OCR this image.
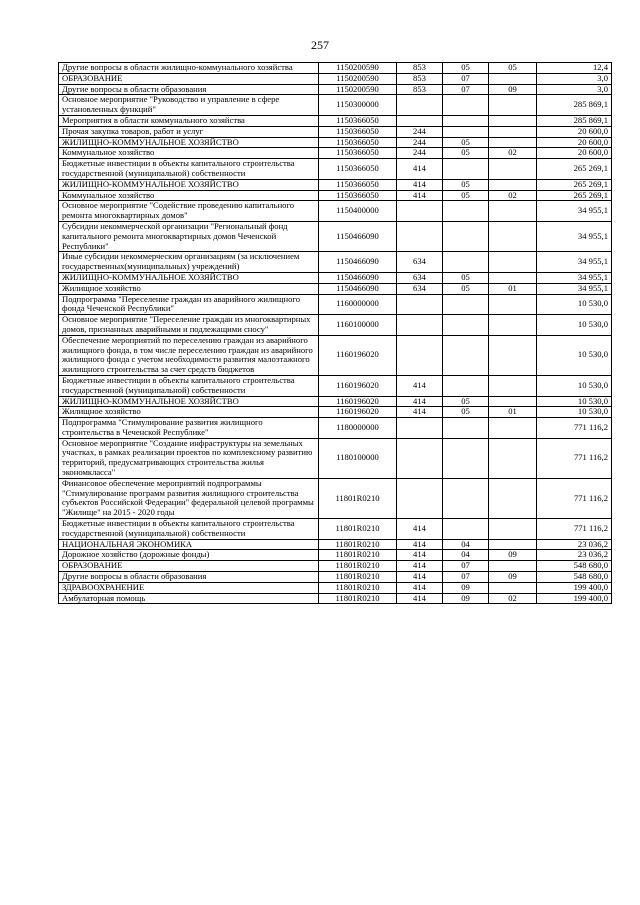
257
Другие вопросы в области жилищно-коммунального хозяйства	1150200590	853	05	05	12,4
ОБРАЗОВАНИЕ	1150200590	853	07		3,0
Другие вопросы в области образования	1150200590	853	07	09	3,0
Основное мероприятие "Руководство и управление в сфере установленных функций"	1150300000				285 869,1
Мероприятия в области коммунального хозяйства	1150366050				285 869,1
Прочая закупка товаров, работ и услуг	1150366050	244			20 600,0
ЖИЛИЩНО-КОММУНАЛЬНОЕ ХОЗЯЙСТВО	1150366050	244	05		20 600,0
Коммунальное хозяйство	1150366050	244	05	02	20 600,0
Бюджетные инвестиции в объекты капитального строительства государственной (муниципальной) собственности	1150366050	414			265 269,1
ЖИЛИЩНО-КОММУНАЛЬНОЕ ХОЗЯЙСТВО	1150366050	414	05		265 269,1
Коммунальное хозяйство	1150366050	414	05	02	265 269,1
Основное мероприятие "Содействие проведению капитального ремонта многоквартирных домов"	1150400000				34 955,1
Субсидии некоммерческой организации "Региональный фонд капитального ремонта многоквартирных домов Чеченской Республики"	1150466090				34 955,1
Иные субсидии некоммерческим организациям (за исключением государственных(муниципальных) учреждений)	1150466090	634			34 955,1
ЖИЛИЩНО-КОММУНАЛЬНОЕ ХОЗЯЙСТВО	1150466090	634	05		34 955,1
Жилищное хозяйство	1150466090	634	05	01	34 955,1
Подпрограмма "Переселение граждан из аварийного жилищного фонда Чеченской Республики"	1160000000				10 530,0
Основное мероприятие "Переселение граждан из многоквартирных домов, признанных аварийными и подлежащими сносу"	1160100000				10 530,0
Обеспечение мероприятий по переселению граждан из аварийного жилищного фонда, в том числе переселению граждан из аварийного жилищного фонда с учетом необходимости развития малоэтажного жилищного строительства за счет средств бюджетов	1160196020				10 530,0
Бюджетные инвестиции в объекты капитального строительства государственной (муниципальной) собственности	1160196020	414			10 530,0
ЖИЛИЩНО-КОММУНАЛЬНОЕ ХОЗЯЙСТВО	1160196020	414	05		10 530,0
Жилищное хозяйство	1160196020	414	05	01	10 530,0
Подпрограмма "Стимулирование развития жилищного строительства в Чеченской Республике"	1180000000				771 116,2
Основное мероприятие "Создание инфраструктуры на земельных участках, в рамках реализации проектов по комплексному развитию территорий, предусматривающих строительства жилья экономкласса"	1180100000				771 116,2
Финансовое обеспечение мероприятий подпрограммы "Стимулирование программ развития жилищного строительства субъектов Российской Федерации" федеральной целевой программы "Жилище" на 2015 - 2020 годы	11801R0210				771 116,2
Бюджетные инвестиции в объекты капитального строительства государственной (муниципальной) собственности	11801R0210	414			771 116,2
НАЦИОНАЛЬНАЯ ЭКОНОМИКА	11801R0210	414	04		23 036,2
Дорожное хозяйство (дорожные фонды)	11801R0210	414	04	09	23 036,2
ОБРАЗОВАНИЕ	11801R0210	414	07		548 680,0
Другие вопросы в области образования	11801R0210	414	07	09	548 680,0
ЗДРАВООХРАНЕНИЕ	11801R0210	414	09		199 400,0
Амбулаторная помощь	11801R0210	414	09	02	199 400,0
